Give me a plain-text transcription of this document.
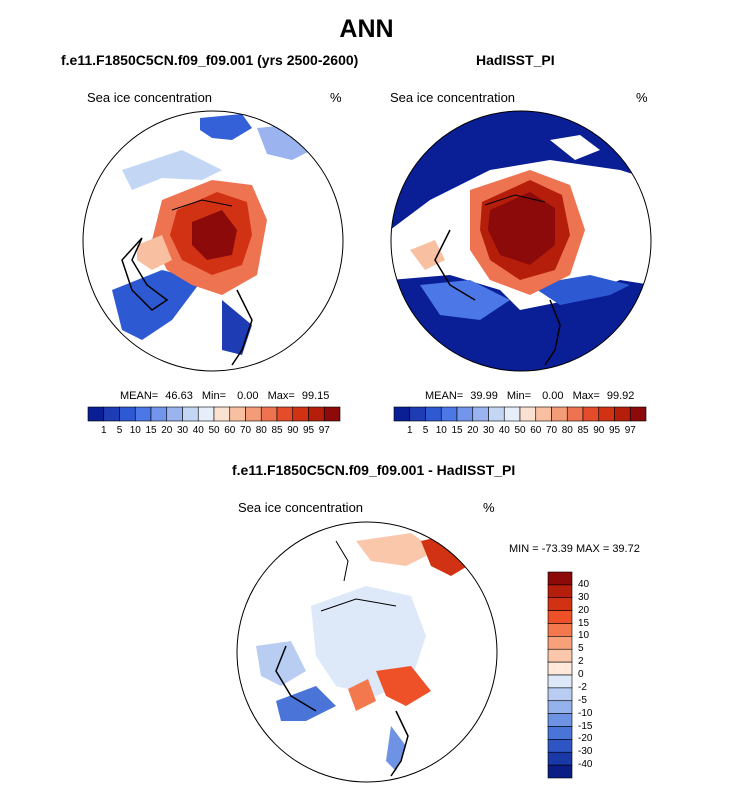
ANN
f.e11.F1850C5CN.f09_f09.001 (yrs 2500-2600)
Sea ice concentration	%
MEAN= 46.63 Min= 0.00 Max= 99.15
1	5 10 15 20 30 40 50 60 70 80 85 90 95 97
HadISST_PI
Sea ice concentration	%
MEAN= 39.99 Min= 0.00 Max= 99.92
1	5 10 15 20 30 40 50 60 70 80 85 90 95 97
f.e11.F1850C5CN.f09_f09.001 - HadISST_PI
Sea ice concentration	%
MIN = -73.39 MAX = 39.72
40
30
20
15
10
5
2
0
-2
-5
-10
-15
-20
-30
-40
